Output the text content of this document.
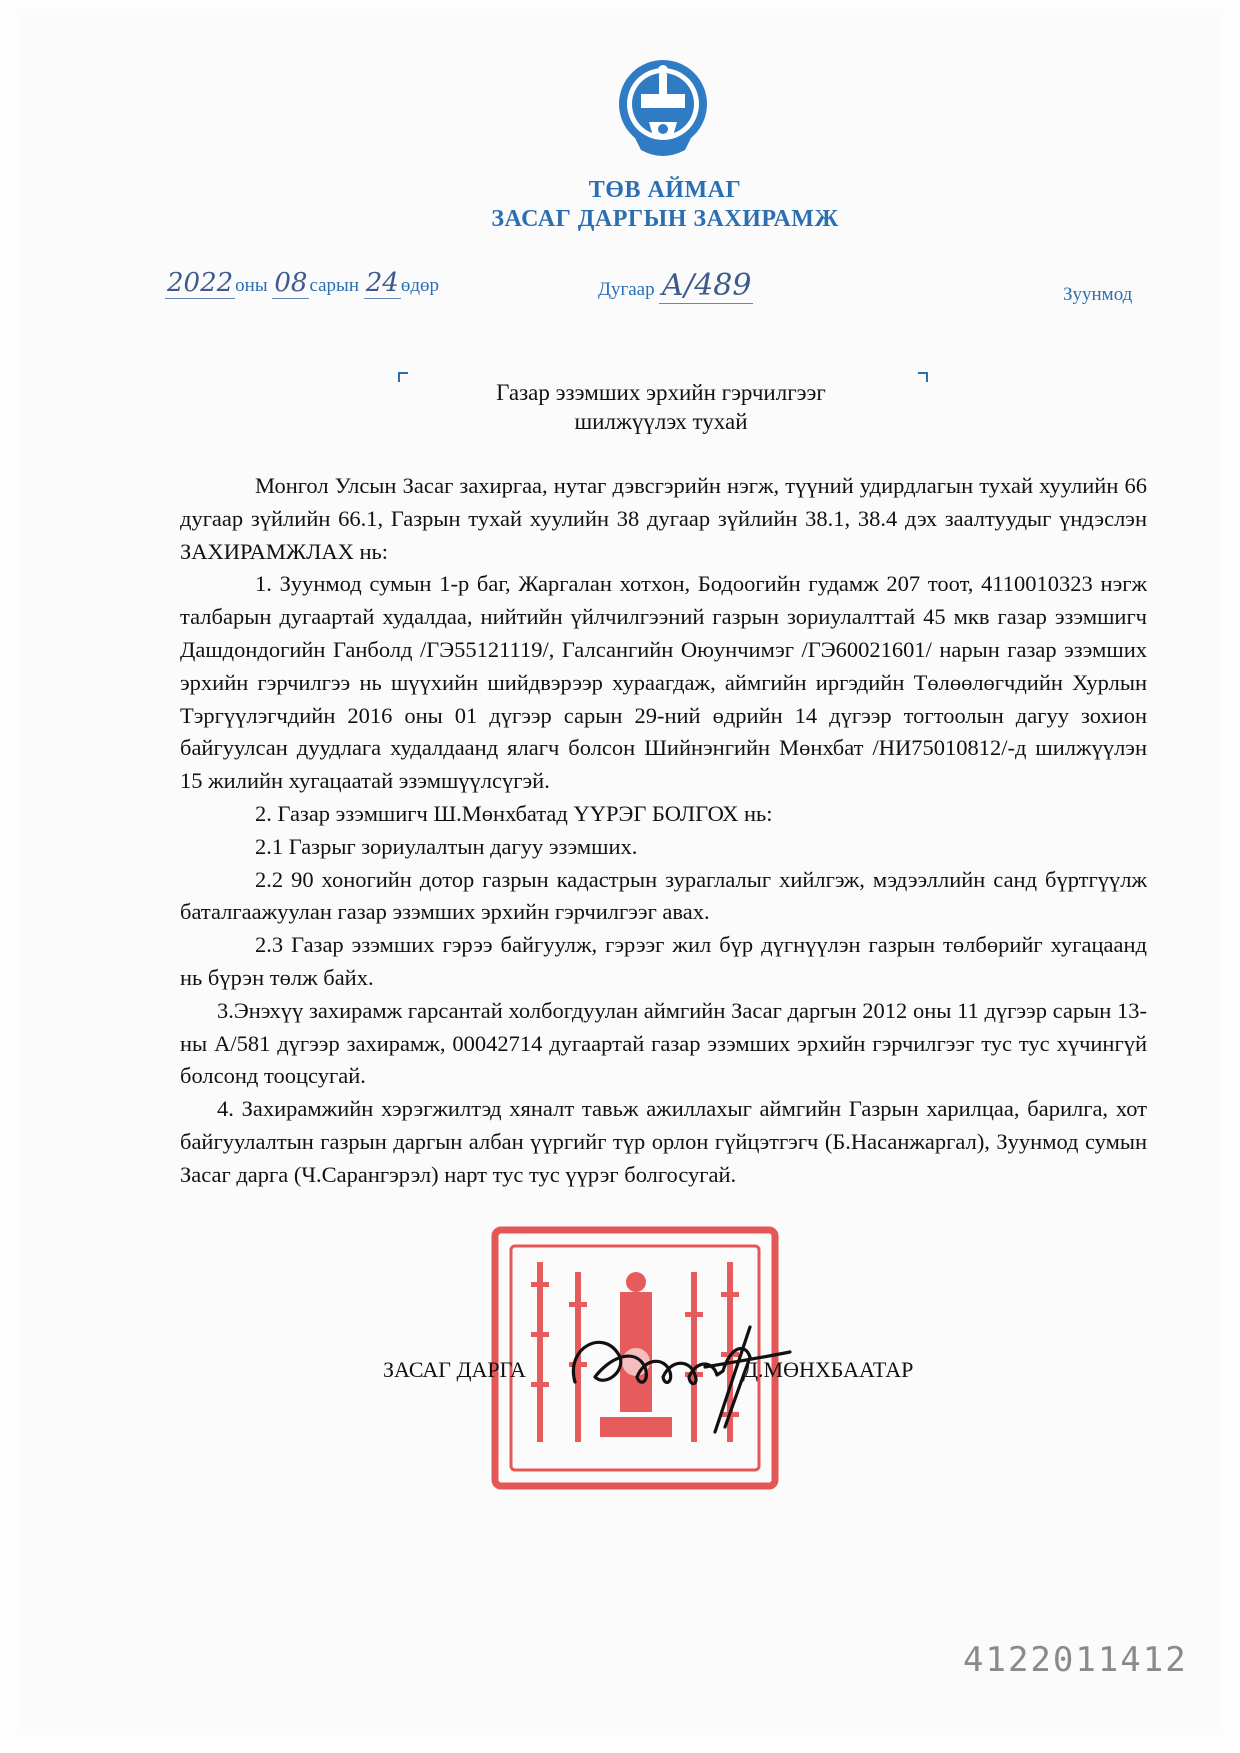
ТӨВ АЙМАГ
ЗАСАГ ДАРГЫН ЗАХИРАМЖ
2022 оны 08 сарын 24 өдөр	Дугаар А/489	Зуунмод
Газар эзэмших эрхийн гэрчилгээг
шилжүүлэх тухай

Монгол Улсын Засаг захиргаа, нутаг дэвсгэрийн нэгж, түүний удирдлагын тухай хуулийн 66 дугаар зүйлийн 66.1, Газрын тухай хуулийн 38 дугаар зүйлийн 38.1, 38.4 дэх заалтуудыг үндэслэн ЗАХИРАМЖЛАХ нь:

1. Зуунмод сумын 1-р баг, Жаргалан хотхон, Бодоогийн гудамж 207 тоот, 4110010323 нэгж талбарын дугаартай худалдаа, нийтийн үйлчилгээний газрын зориулалттай 45 мкв газар эзэмшигч Дашдондогийн Ганболд /ГЭ55121119/, Галсангийн Оюунчимэг /ГЭ60021601/ нарын газар эзэмших эрхийн гэрчилгээ нь шүүхийн шийдвэрээр хураагдаж, аймгийн иргэдийн Төлөөлөгчдийн Хурлын Тэргүүлэгчдийн 2016 оны 01 дүгээр сарын 29-ний өдрийн 14 дүгээр тогтоолын дагуу зохион байгуулсан дуудлага худалдаанд ялагч болсон Шийнэнгийн Мөнхбат /НИ75010812/-д шилжүүлэн 15 жилийн хугацаатай эзэмшүүлсүгэй.

2. Газар эзэмшигч Ш.Мөнхбатад ҮҮРЭГ БОЛГОХ нь:

2.1 Газрыг зориулалтын дагуу эзэмших.

2.2 90 хоногийн дотор газрын кадастрын зураглалыг хийлгэж, мэдээллийн санд бүртгүүлж баталгаажуулан газар эзэмших эрхийн гэрчилгээг авах.

2.3 Газар эзэмших гэрээ байгуулж, гэрээг жил бүр дүгнүүлэн газрын төлбөрийг хугацаанд нь бүрэн төлж байх.

3.Энэхүү захирамж гарсантай холбогдуулан аймгийн Засаг даргын 2012 оны 11 дүгээр сарын 13-ны А/581 дүгээр захирамж, 00042714 дугаартай газар эзэмших эрхийн гэрчилгээг тус тус хүчингүй болсонд тооцсугай.

4. Захирамжийн хэрэгжилтэд хяналт тавьж ажиллахыг аймгийн Газрын харилцаа, барилга, хот байгуулалтын газрын даргын албан үүргийг түр орлон гүйцэтгэгч (Б.Насанжаргал), Зуунмод сумын Засаг дарга (Ч.Сарангэрэл) нарт тус тус үүрэг болгосугай.

ЗАСАГ ДАРГА	Д.МӨНХБААТАР
4122011412
